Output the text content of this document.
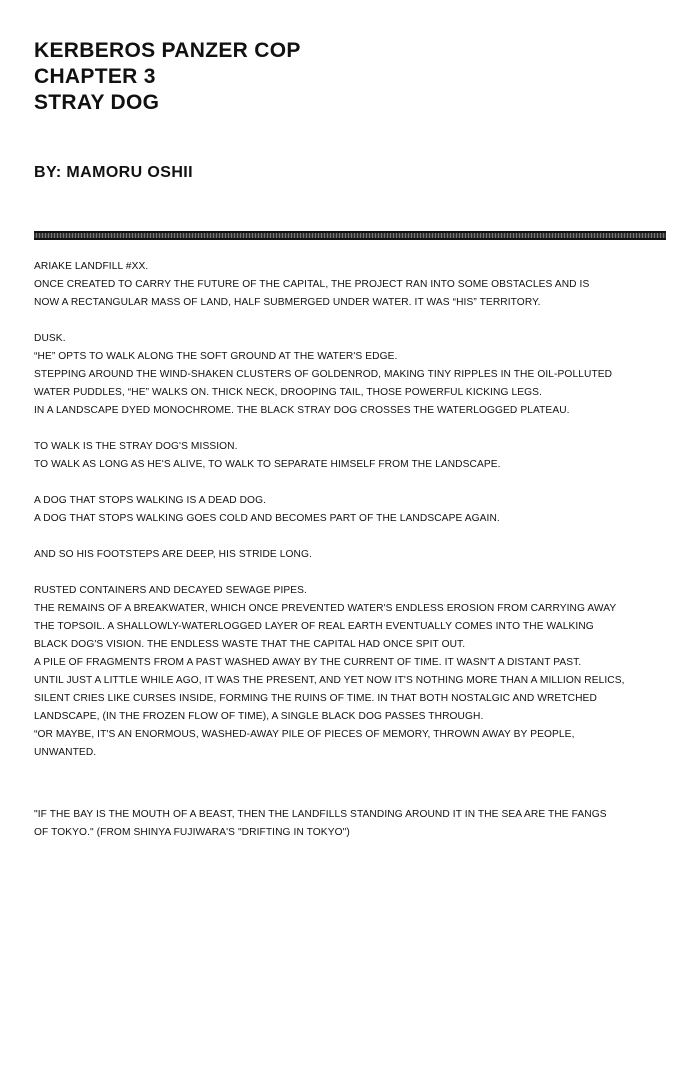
KERBEROS PANZER COP
CHAPTER 3
STRAY DOG
BY: MAMORU OSHII
ARIAKE LANDFILL #XX.
ONCE CREATED TO CARRY THE FUTURE OF THE CAPITAL, THE PROJECT RAN INTO SOME OBSTACLES AND IS
NOW A RECTANGULAR MASS OF LAND, HALF SUBMERGED UNDER WATER. IT WAS “HIS” TERRITORY.
DUSK.
“HE” OPTS TO WALK ALONG THE SOFT GROUND AT THE WATER'S EDGE.
STEPPING AROUND THE WIND-SHAKEN CLUSTERS OF GOLDENROD, MAKING TINY RIPPLES IN THE OIL-POLLUTED
WATER PUDDLES, “HE” WALKS ON. THICK NECK, DROOPING TAIL, THOSE POWERFUL KICKING LEGS.
IN A LANDSCAPE DYED MONOCHROME. THE BLACK STRAY DOG CROSSES THE WATERLOGGED PLATEAU.
TO WALK IS THE STRAY DOG'S MISSION.
TO WALK AS LONG AS HE'S ALIVE, TO WALK TO SEPARATE HIMSELF FROM THE LANDSCAPE.
A DOG THAT STOPS WALKING IS A DEAD DOG.
A DOG THAT STOPS WALKING GOES COLD AND BECOMES PART OF THE LANDSCAPE AGAIN.
AND SO HIS FOOTSTEPS ARE DEEP, HIS STRIDE LONG.
RUSTED CONTAINERS AND DECAYED SEWAGE PIPES.
THE REMAINS OF A BREAKWATER, WHICH ONCE PREVENTED WATER'S ENDLESS EROSION FROM CARRYING AWAY
THE TOPSOIL. A SHALLOWLY-WATERLOGGED LAYER OF REAL EARTH EVENTUALLY COMES INTO THE WALKING
BLACK DOG'S VISION. THE ENDLESS WASTE THAT THE CAPITAL HAD ONCE SPIT OUT.
A PILE OF FRAGMENTS FROM A PAST WASHED AWAY BY THE CURRENT OF TIME. IT WASN'T A DISTANT PAST.
UNTIL JUST A LITTLE WHILE AGO, IT WAS THE PRESENT, AND YET NOW IT'S NOTHING MORE THAN A MILLION RELICS,
SILENT CRIES LIKE CURSES INSIDE, FORMING THE RUINS OF TIME. IN THAT BOTH NOSTALGIC AND WRETCHED
LANDSCAPE, (IN THE FROZEN FLOW OF TIME), A SINGLE BLACK DOG PASSES THROUGH.
“OR MAYBE, IT'S AN ENORMOUS, WASHED-AWAY PILE OF PIECES OF MEMORY, THROWN AWAY BY PEOPLE,
UNWANTED.
"IF THE BAY IS THE MOUTH OF A BEAST, THEN THE LANDFILLS STANDING AROUND IT IN THE SEA ARE THE FANGS
OF TOKYO." (FROM SHINYA FUJIWARA'S "DRIFTING IN TOKYO")
